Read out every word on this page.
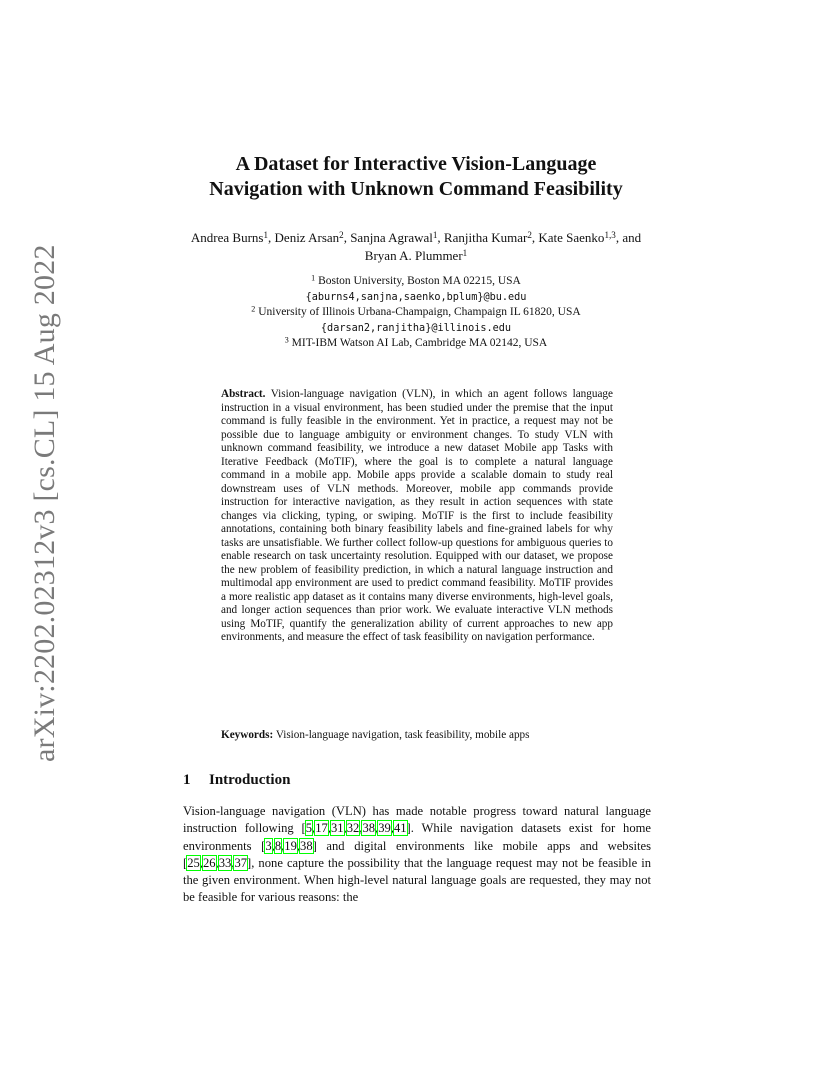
arXiv:2202.02312v3 [cs.CL] 15 Aug 2022
A Dataset for Interactive Vision-Language
Navigation with Unknown Command Feasibility
Andrea Burns$^1$, Deniz Arsan$^2$, Sanjna Agrawal$^1$, Ranjitha Kumar$^2$, Kate Saenko$^{1,3}$, and Bryan A. Plummer$^1$
$^1$ Boston University, Boston MA 02215, USA
{aburns4,sanjna,saenko,bplum}@bu.edu
$^2$ University of Illinois Urbana-Champaign, Champaign IL 61820, USA
{darsan2,ranjitha}@illinois.edu
$^3$ MIT-IBM Watson AI Lab, Cambridge MA 02142, USA
Abstract. Vision-language navigation (VLN), in which an agent follows language instruction in a visual environment, has been studied under the premise that the input command is fully feasible in the environment. Yet in practice, a request may not be possible due to language ambiguity or environment changes. To study VLN with unknown command feasibility, we introduce a new dataset Mobile app Tasks with Iterative Feedback (MoTIF), where the goal is to complete a natural language command in a mobile app. Mobile apps provide a scalable domain to study real downstream uses of VLN methods. Moreover, mobile app commands provide instruction for interactive navigation, as they result in action sequences with state changes via clicking, typing, or swiping. MoTIF is the first to include feasibility annotations, containing both binary feasibility labels and fine-grained labels for why tasks are unsatisfiable. We further collect follow-up questions for ambiguous queries to enable research on task uncertainty resolution. Equipped with our dataset, we propose the new problem of feasibility prediction, in which a natural language instruction and multimodal app environment are used to predict command feasibility. MoTIF provides a more realistic app dataset as it contains many diverse environments, high-level goals, and longer action sequences than prior work. We evaluate interactive VLN methods using MoTIF, quantify the generalization ability of current approaches to new app environments, and measure the effect of task feasibility on navigation performance.
Keywords: Vision-language navigation, task feasibility, mobile apps
1 Introduction
Vision-language navigation (VLN) has made notable progress toward natural language instruction following [5,17,31,32,38,39,41]. While navigation datasets exist for home environments [3,8,19,38] and digital environments like mobile apps and websites [25,26,33,37], none capture the possibility that the language request may not be feasible in the given environment. When high-level natural language goals are requested, they may not be feasible for various reasons: the
